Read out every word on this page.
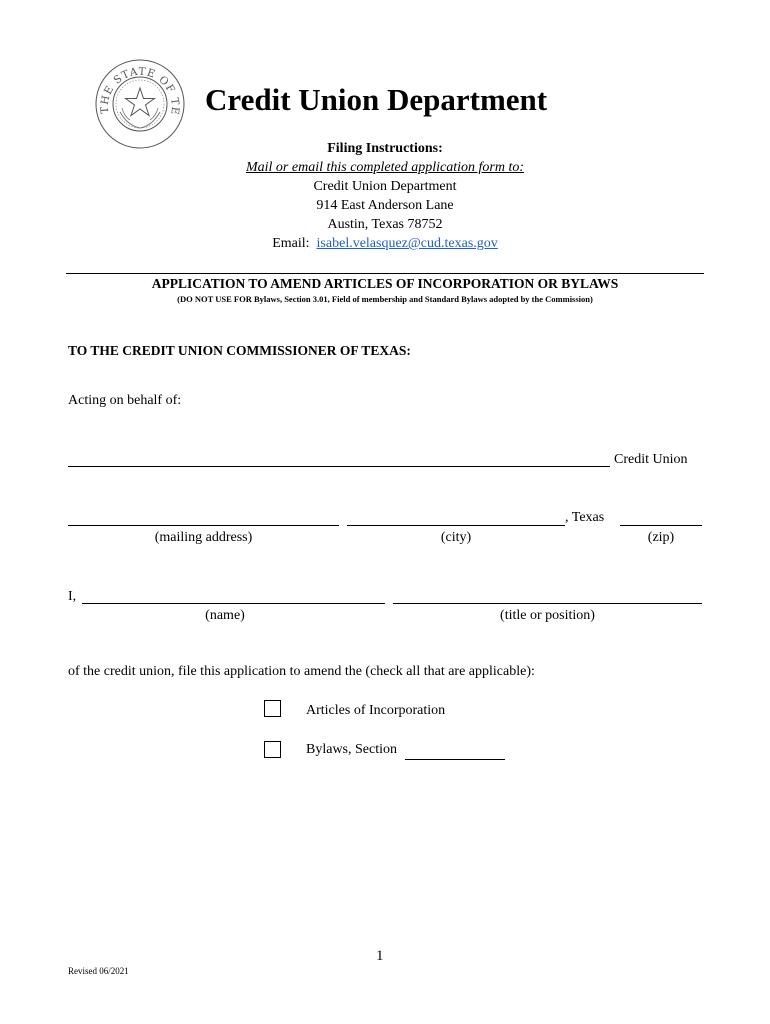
THE STATE OF TE Credit Union Department
Filing Instructions:
Mail or email this completed application form to:
Credit Union Department
914 East Anderson Lane
Austin, Texas 78752
Email: isabel.velasquez@cud.texas.gov
APPLICATION TO AMEND ARTICLES OF INCORPORATION OR BYLAWS
(DO NOT USE FOR Bylaws, Section 3.01, Field of membership and Standard Bylaws adopted by the Commission)
TO THE CREDIT UNION COMMISSIONER OF TEXAS:
Acting on behalf of:
Credit Union
, Texas
(mailing address)	(city)	(zip)
I,
(name)	(title or position)
of the credit union, file this application to amend the (check all that are applicable):
Articles of Incorporation
Bylaws, Section
1
Revised 06/2021
